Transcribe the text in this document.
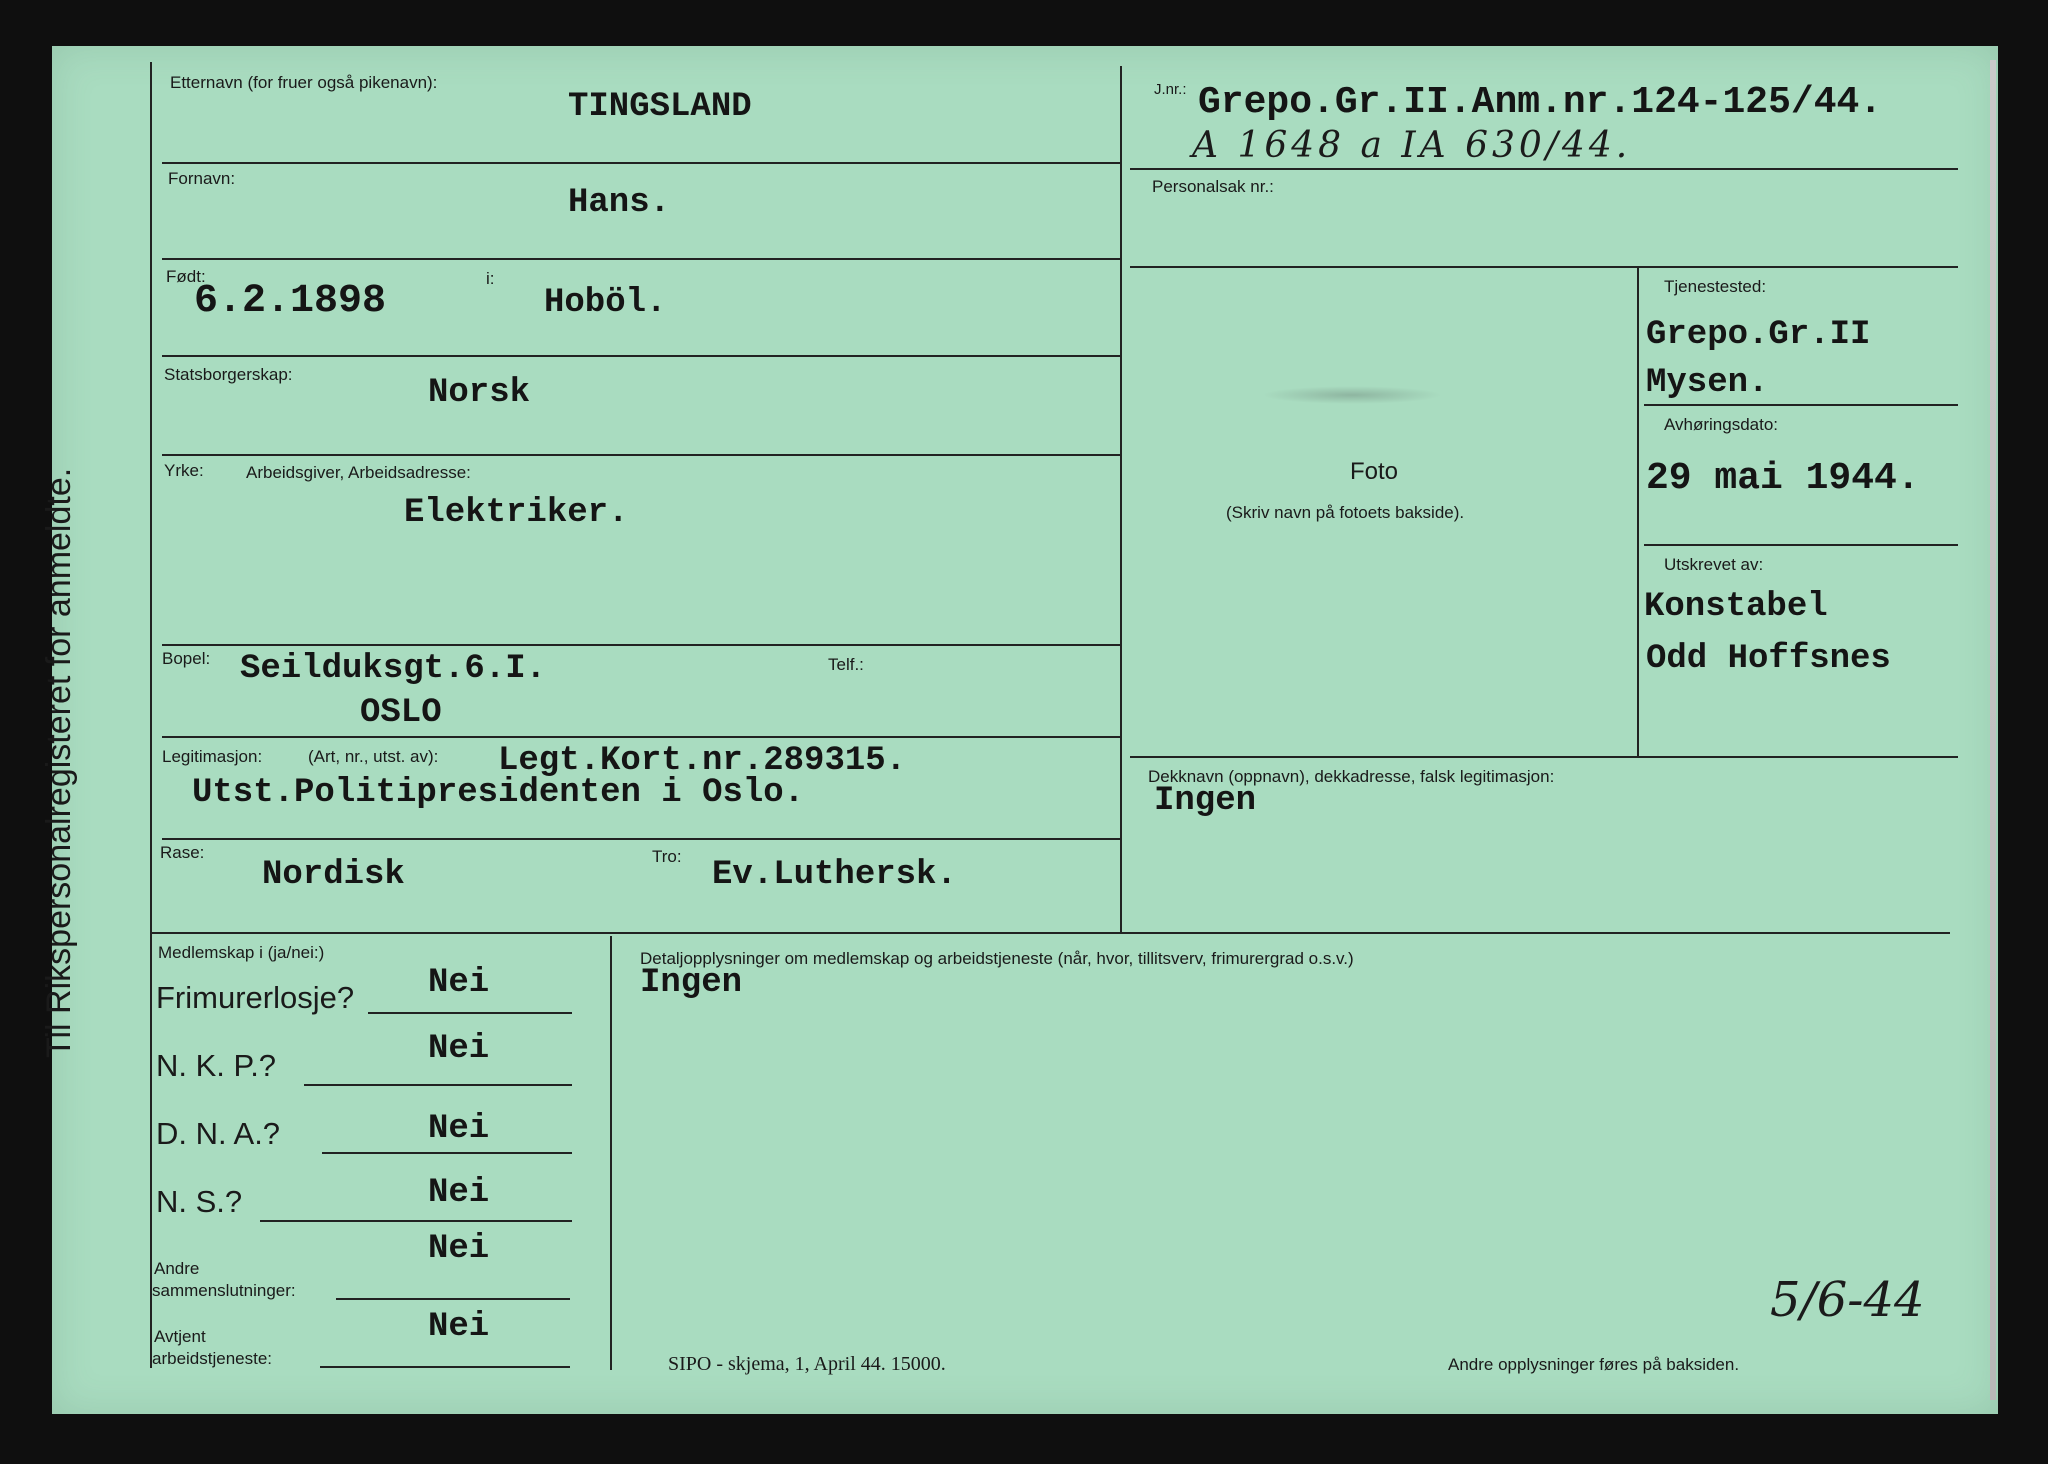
Til Rikspersonalregisteret for anmeldte.
Etternavn (for fruer også pikenavn):
TINGSLAND
Fornavn:
Hans.
Født:
6.2.1898
i:
Hoböl.
Statsborgerskap:	Norsk
Yrke: Arbeidsgiver, Arbeidsadresse:
Elektriker.
Bopel: Seilduksgt.6.I.
OSLO
Telf.:
Legitimasjon:	(Art, nr., utst. av): Legt.Kort.nr.289315.
Utst.Politipresidenten i Oslo.
Rase:
Nordisk	Tro: Ev.Luthersk.
J.nr.: Grepo.Gr.II.Anm.nr.124-125/44.
A 1648 a IA 630/44.
Personalsak nr.:
Foto
(Skriv navn på fotoets bakside).
Tjenestested:
Grepo.Gr.II
Mysen.
Avhøringsdato:
29 mai 1944.
Utskrevet av:
Konstabel
Odd Hoffsnes
Dekknavn (oppnavn), dekkadresse, falsk legitimasjon:
Ingen
Medlemskap i (ja/nei:)
Frimurerlosje? Nei
N. K. P.?	Nei
D. N. A.?	Nei
N. S.?	Nei
Andre
sammenslutninger:
Nei
Avtjent
arbeidstjeneste:
Nei
Detaljopplysninger om medlemskap og arbeidstjeneste (når, hvor, tillitsverv, frimurergrad o.s.v.)
Ingen
SIPO - skjema, 1, April 44. 15000.	Andre opplysninger føres på baksiden.
5/6-44
